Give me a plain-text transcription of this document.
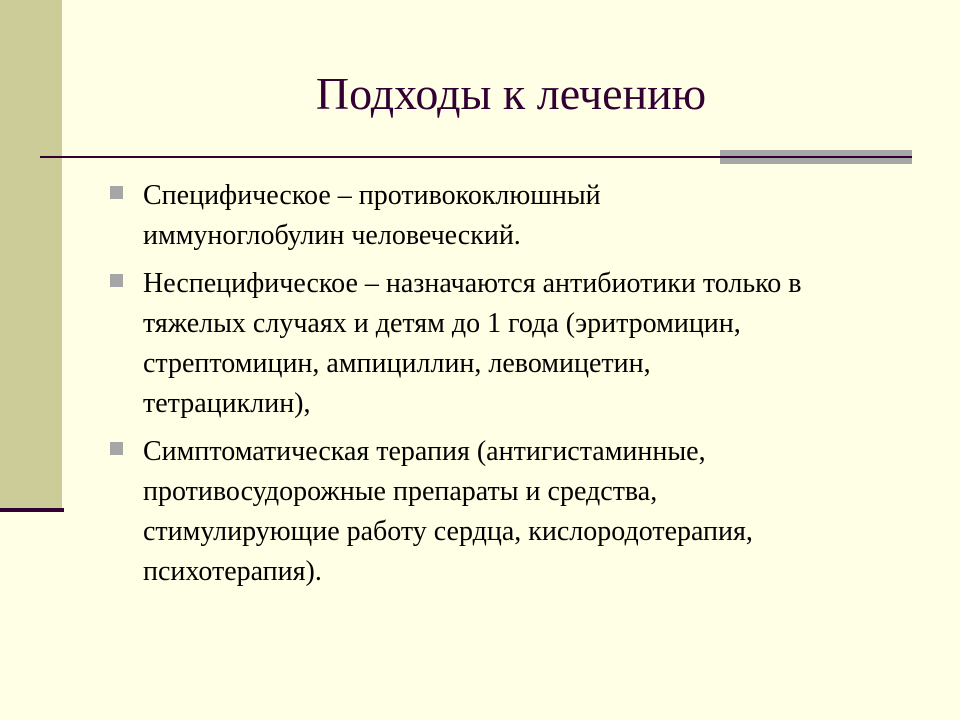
Подходы к лечению
Специфическое – противококлюшный
иммуноглобулин человеческий.
Неспецифическое – назначаются антибиотики только в
тяжелых случаях и детям до 1 года (эритромицин,
стрептомицин, ампициллин, левомицетин,
тетрациклин),
Симптоматическая терапия (антигистаминные,
противосудорожные препараты и средства,
стимулирующие работу сердца, кислородотерапия,
психотерапия).
